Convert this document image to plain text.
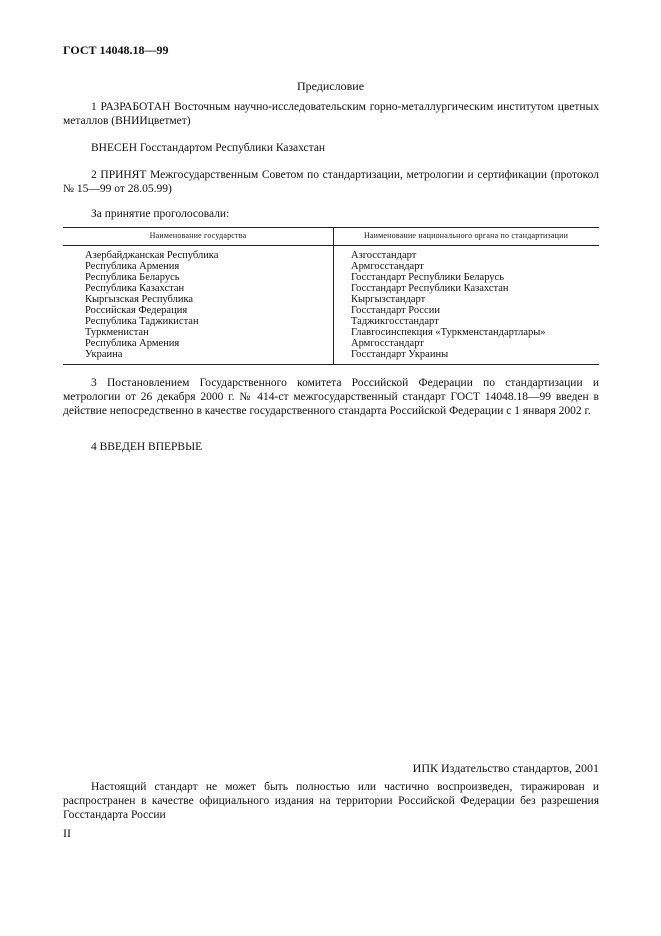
ГОСТ 14048.18—99
Предисловие
1 РАЗРАБОТАН Восточным научно-исследовательским горно-металлургическим институтом цветных металлов (ВНИИцветмет)
ВНЕСЕН Госстандартом Республики Казахстан
2 ПРИНЯТ Межгосударственным Советом по стандартизации, метрологии и сертификации (протокол № 15—99 от 28.05.99)
За принятие проголосовали:
Наименование государства	Наименование национального органа по стандартизации
Азербайджанская Республика
Республика Армения
Республика Беларусь
Республика Казахстан
Кыргызская Республика
Российская Федерация
Республика Таджикистан
Туркменистан
Республика Армения
Украина
Азгосстандарт
Армгосстандарт
Госстандарт Республики Беларусь
Госстандарт Республики Казахстан
Кыргызстандарт
Госстандарт России
Таджикгосстандарт
Главгосинспекция «Туркменстандартлары»
Армгосстандарт
Госстандарт Украины
3 Постановлением Государственного комитета Российской Федерации по стандартизации и метрологии от 26 декабря 2000 г. № 414-ст межгосударственный стандарт ГОСТ 14048.18—99 введен в действие непосредственно в качестве государственного стандарта Российской Федерации с 1 января 2002 г.
4 ВВЕДЕН ВПЕРВЫЕ
ИПК Издательство стандартов, 2001
Настоящий стандарт не может быть полностью или частично воспроизведен, тиражирован и распространен в качестве официального издания на территории Российской Федерации без разрешения Госстандарта России
II
